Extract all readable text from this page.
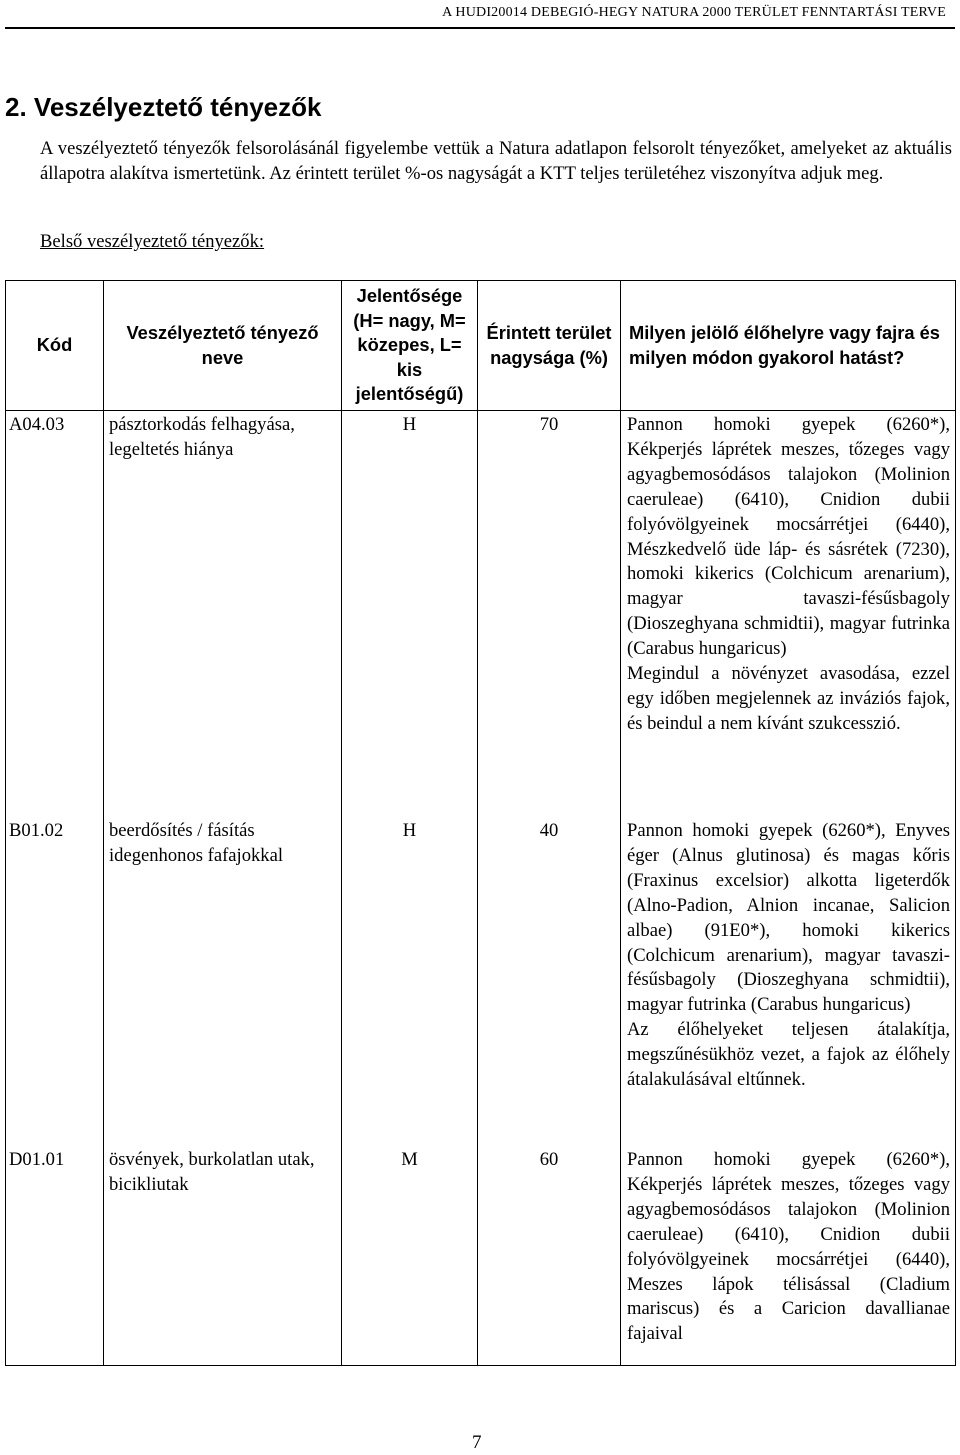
A HUDI20014 DEBEGIÓ-HEGY NATURA 2000 TERÜLET FENNTARTÁSI TERVE
2. Veszélyeztető tényezők

A veszélyeztető tényezők felsorolásánál figyelembe vettük a Natura adatlapon felsorolt tényezőket, amelyeket az aktuális állapotra alakítva ismertetünk. Az érintett terület %-os nagyságát a KTT teljes területéhez viszonyítva adjuk meg.

Belső veszélyeztető tényezők:

Kód	Veszélyeztető tényező neve	Jelentősége (H= nagy, M= közepes, L= kis jelentőségű)	Érintett terület nagysága (%)	Milyen jelölő élőhelyre vagy fajra és milyen módon gyakorol hatást?
A04.03	pásztorkodás felhagyása, legeltetés hiánya	H	70	Pannon homoki gyepek (6260*), Kékperjés láprétek meszes, tőzeges vagy agyagbemosódásos talajokon (Molinion caeruleae) (6410), Cnidion dubii folyóvölgyeinek mocsárrétjei (6440), Mészkedvelő üde láp- és sásrétek (7230), homoki kikerics (Colchicum arenarium), magyar tavaszi-fésűsbagoly (Dioszeghyana schmidtii), magyar futrinka (Carabus hungaricus)

Megindul a növényzet avasodása, ezzel egy időben megjelennek az inváziós fajok, és beindul a nem kívánt szukcesszió.

B01.02	beerdősítés / fásítás idegenhonos fafajokkal	H	40	Pannon homoki gyepek (6260*), Enyves éger (Alnus glutinosa) és magas kőris (Fraxinus excelsior) alkotta ligeterdők (Alno-Padion, Alnion incanae, Salicion albae) (91E0*), homoki kikerics (Colchicum arenarium), magyar tavaszi-fésűsbagoly (Dioszeghyana schmidtii), magyar futrinka (Carabus hungaricus)

Az élőhelyeket teljesen átalakítja, megszűnésükhöz vezet, a fajok az élőhely átalakulásával eltűnnek.

D01.01	ösvények, burkolatlan utak, bicikliutak	M	60	Pannon homoki gyepek (6260*), Kékperjés láprétek meszes, tőzeges vagy agyagbemosódásos talajokon (Molinion caeruleae) (6410), Cnidion dubii folyóvölgyeinek mocsárrétjei (6440), Meszes lápok télisással (Cladium mariscus) és a Caricion davallianae fajaival

7
